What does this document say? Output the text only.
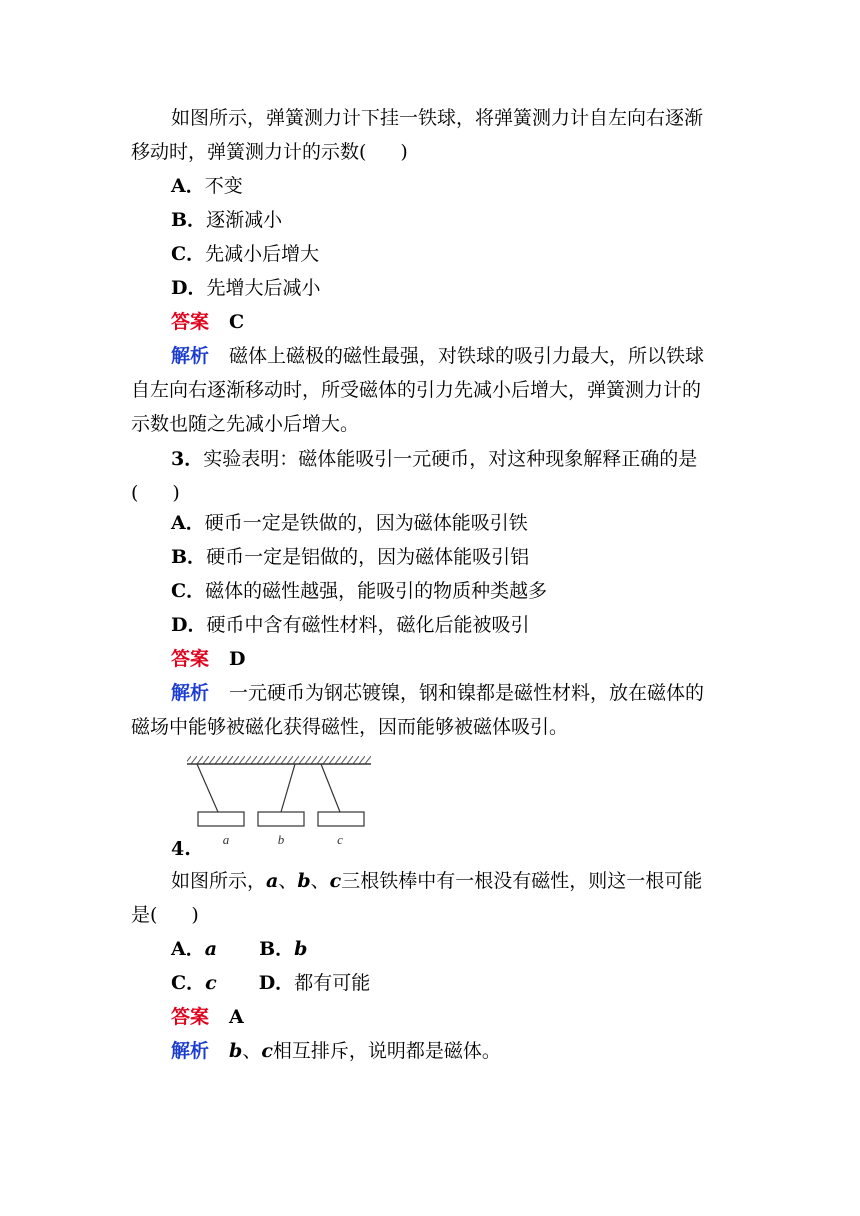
如图所示，弹簧测力计下挂一铁球，将弹簧测力计自左向右逐渐
移动时，弹簧测力计的示数( )
A．不变
B．逐渐减小
C．先减小后增大
D．先增大后减小
答案 C
解析 磁体上磁极的磁性最强，对铁球的吸引力最大，所以铁球
自左向右逐渐移动时，所受磁体的引力先减小后增大，弹簧测力计的
示数也随之先减小后增大。
3．实验表明：磁体能吸引一元硬币，对这种现象解释正确的是
( )
A．硬币一定是铁做的，因为磁体能吸引铁
B．硬币一定是铝做的，因为磁体能吸引铝
C．磁体的磁性越强，能吸引的物质种类越多
D．硬币中含有磁性材料，磁化后能被吸引
答案 D
解析 一元硬币为钢芯镀镍，钢和镍都是磁性材料，放在磁体的
磁场中能够被磁化获得磁性，因而能够被磁体吸引。
a	b	c
4.
如图所示，a、b、c三根铁棒中有一根没有磁性，则这一根可能
是( )
A．a B．b
C．c D．都有可能
答案 A
解析 b、c相互排斥，说明都是磁体。
